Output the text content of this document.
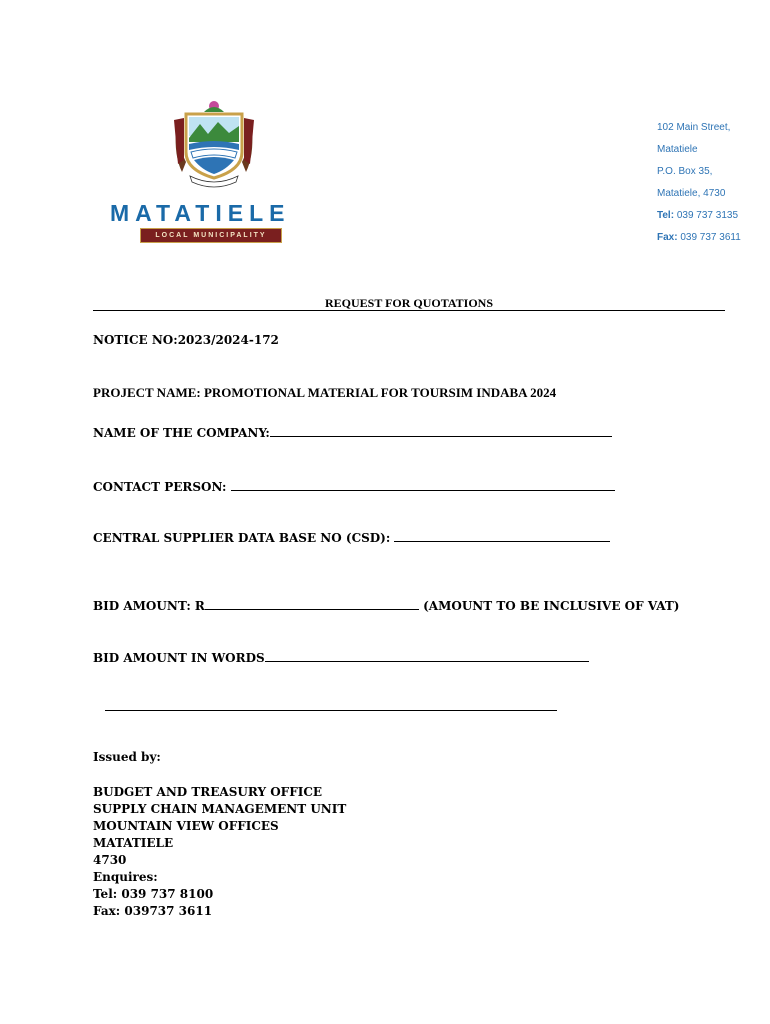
MATATIELE
LOCAL MUNICIPALITY
102 Main Street,
Matatiele
P.O. Box 35,
Matatiele, 4730
Tel: 039 737 3135
Fax: 039 737 3611
REQUEST FOR QUOTATIONS
NOTICE NO:2023/2024-172
PROJECT NAME: PROMOTIONAL MATERIAL FOR TOURSIM INDABA 2024
NAME OF THE COMPANY:
CONTACT PERSON:
CENTRAL SUPPLIER DATA BASE NO (CSD):
BID AMOUNT: R	(AMOUNT TO BE INCLUSIVE OF VAT)
BID AMOUNT IN WORDS
Issued by:
BUDGET AND TREASURY OFFICE
SUPPLY CHAIN MANAGEMENT UNIT
MOUNTAIN VIEW OFFICES
MATATIELE
4730
Enquires:
Tel: 039 737 8100
Fax: 039737 3611
